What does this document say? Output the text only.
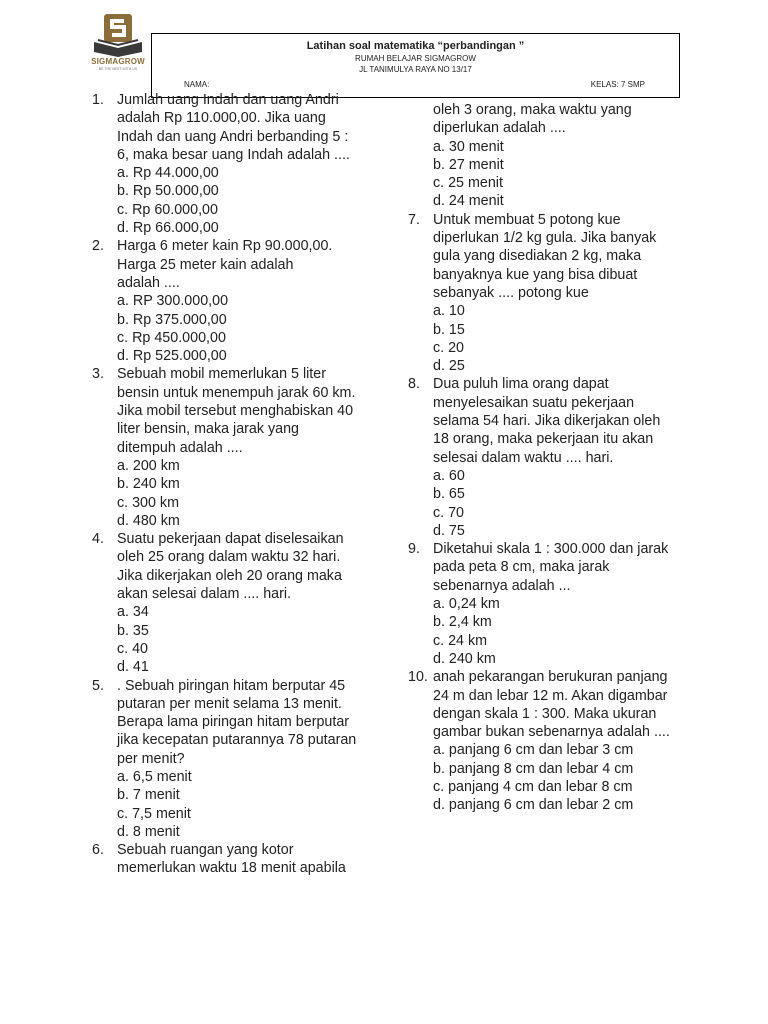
SIGMAGROW
BE THE BEST WITH US
Latihan soal matematika “perbandingan ”
RUMAH BELAJAR SIGMAGROW
JL TANIMULYA RAYA NO 13/17
NAMA:	KELAS: 7 SMP
1. Jumlah uang Indah dan uang Andri
adalah Rp 110.000,00. Jika uang
Indah dan uang Andri berbanding 5 :
6, maka besar uang Indah adalah ....
a. Rp 44.000,00
b. Rp 50.000,00
c. Rp 60.000,00
d. Rp 66.000,00
2. Harga 6 meter kain Rp 90.000,00.
Harga 25 meter kain adalah
adalah ....
a. RP 300.000,00
b. Rp 375.000,00
c. Rp 450.000,00
d. Rp 525.000,00
3. Sebuah mobil memerlukan 5 liter
bensin untuk menempuh jarak 60 km.
Jika mobil tersebut menghabiskan 40
liter bensin, maka jarak yang
ditempuh adalah ....
a. 200 km
b. 240 km
c. 300 km
d. 480 km
4. Suatu pekerjaan dapat diselesaikan
oleh 25 orang dalam waktu 32 hari.
Jika dikerjakan oleh 20 orang maka
akan selesai dalam .... hari.
a. 34
b. 35
c. 40
d. 41
5. . Sebuah piringan hitam berputar 45
putaran per menit selama 13 menit.
Berapa lama piringan hitam berputar
jika kecepatan putarannya 78 putaran
per menit?
a. 6,5 menit
b. 7 menit
c. 7,5 menit
d. 8 menit
6. Sebuah ruangan yang kotor
memerlukan waktu 18 menit apabila
oleh 3 orang, maka waktu yang
diperlukan adalah ....
a. 30 menit
b. 27 menit
c. 25 menit
d. 24 menit
7. Untuk membuat 5 potong kue
diperlukan 1/2 kg gula. Jika banyak
gula yang disediakan 2 kg, maka
banyaknya kue yang bisa dibuat
sebanyak .... potong kue
a. 10
b. 15
c. 20
d. 25
8. Dua puluh lima orang dapat
menyelesaikan suatu pekerjaan
selama 54 hari. Jika dikerjakan oleh
18 orang, maka pekerjaan itu akan
selesai dalam waktu .... hari.
a. 60
b. 65
c. 70
d. 75
9. Diketahui skala 1 : 300.000 dan jarak
pada peta 8 cm, maka jarak
sebenarnya adalah ...
a. 0,24 km
b. 2,4 km
c. 24 km
d. 240 km
10. anah pekarangan berukuran panjang
24 m dan lebar 12 m. Akan digambar
dengan skala 1 : 300. Maka ukuran
gambar bukan sebenarnya adalah ....
a. panjang 6 cm dan lebar 3 cm
b. panjang 8 cm dan lebar 4 cm
c. panjang 4 cm dan lebar 8 cm
d. panjang 6 cm dan lebar 2 cm
